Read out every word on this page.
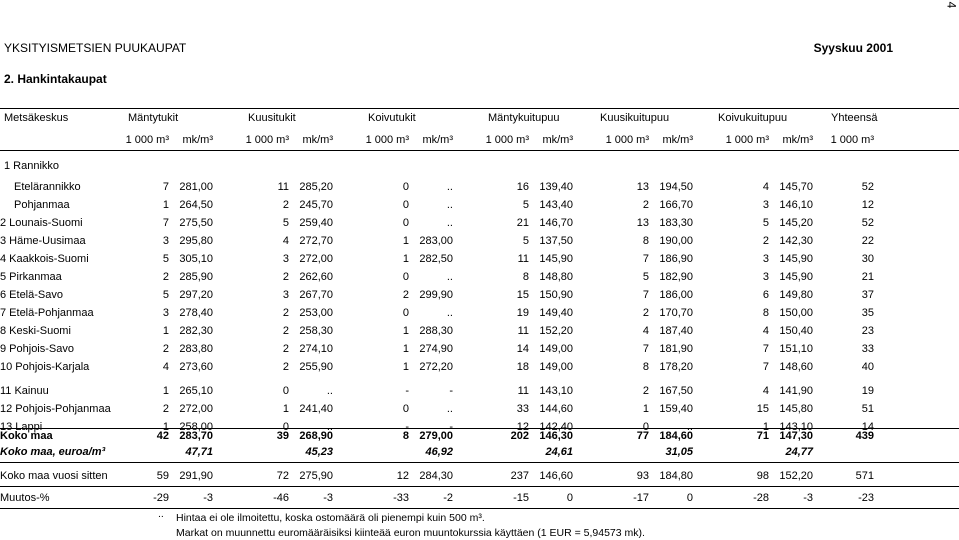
4
YKSITYISMETSIEN PUUKAUPAT	Syyskuu 2001
2. Hankintakaupat
Metsäkeskus	Mäntytukit	Kuusitukit	Koivutukit	Mäntykuitupuu	Kuusikuitupuu	Koivukuitupuu	Yhteensä
	1 000 m³	mk/m³	1 000 m³	mk/m³	1 000 m³	mk/m³	1 000 m³	mk/m³	1 000 m³	mk/m³	1 000 m³	mk/m³	1 000 m³
1 Rannikko
Etelärannikko	7	281,00	11	285,20	0	..	16	139,40	13	194,50	4	145,70	52
Pohjanmaa	1	264,50	2	245,70	0	..	5	143,40	2	166,70	3	146,10	12
2 Lounais-Suomi	7	275,50	5	259,40	0	..	21	146,70	13	183,30	5	145,20	52
3 Häme-Uusimaa	3	295,80	4	272,70	1	283,00	5	137,50	8	190,00	2	142,30	22
4 Kaakkois-Suomi	5	305,10	3	272,00	1	282,50	11	145,90	7	186,90	3	145,90	30
5 Pirkanmaa	2	285,90	2	262,60	0	..	8	148,80	5	182,90	3	145,90	21
6 Etelä-Savo	5	297,20	3	267,70	2	299,90	15	150,90	7	186,00	6	149,80	37
7 Etelä-Pohjanmaa	3	278,40	2	253,00	0	..	19	149,40	2	170,70	8	150,00	35
8 Keski-Suomi	1	282,30	2	258,30	1	288,30	11	152,20	4	187,40	4	150,40	23
9 Pohjois-Savo	2	283,80	2	274,10	1	274,90	14	149,00	7	181,90	7	151,10	33
10 Pohjois-Karjala	4	273,60	2	255,90	1	272,20	18	149,00	8	178,20	7	148,60	40
11 Kainuu	1	265,10	0	..	-	-	11	143,10	2	167,50	4	141,90	19
12 Pohjois-Pohjanmaa	2	272,00	1	241,40	0	..	33	144,60	1	159,40	15	145,80	51
13 Lappi	1	258,00	0	..	-	-	12	142,40	0	..	1	143,10	14
Koko maa	42	283,70	39	268,90	8	279,00	202	146,30	77	184,60	71	147,30	439
Koko maa, euroa/m³		47,71		45,23		46,92		24,61		31,05		24,77	
Koko maa vuosi sitten	59	291,90	72	275,90	12	284,30	237	146,60	93	184,80	98	152,20	571
Muutos-%	-29	-3	-46	-3	-33	-2	-15	0	-17	0	-28	-3	-23
.. Hintaa ei ole ilmoitettu, koska ostomäärä oli pienempi kuin 500 m³.
Markat on muunnettu euromääräisiksi kiinteää euron muuntokurssia käyttäen (1 EUR = 5,94573 mk).
